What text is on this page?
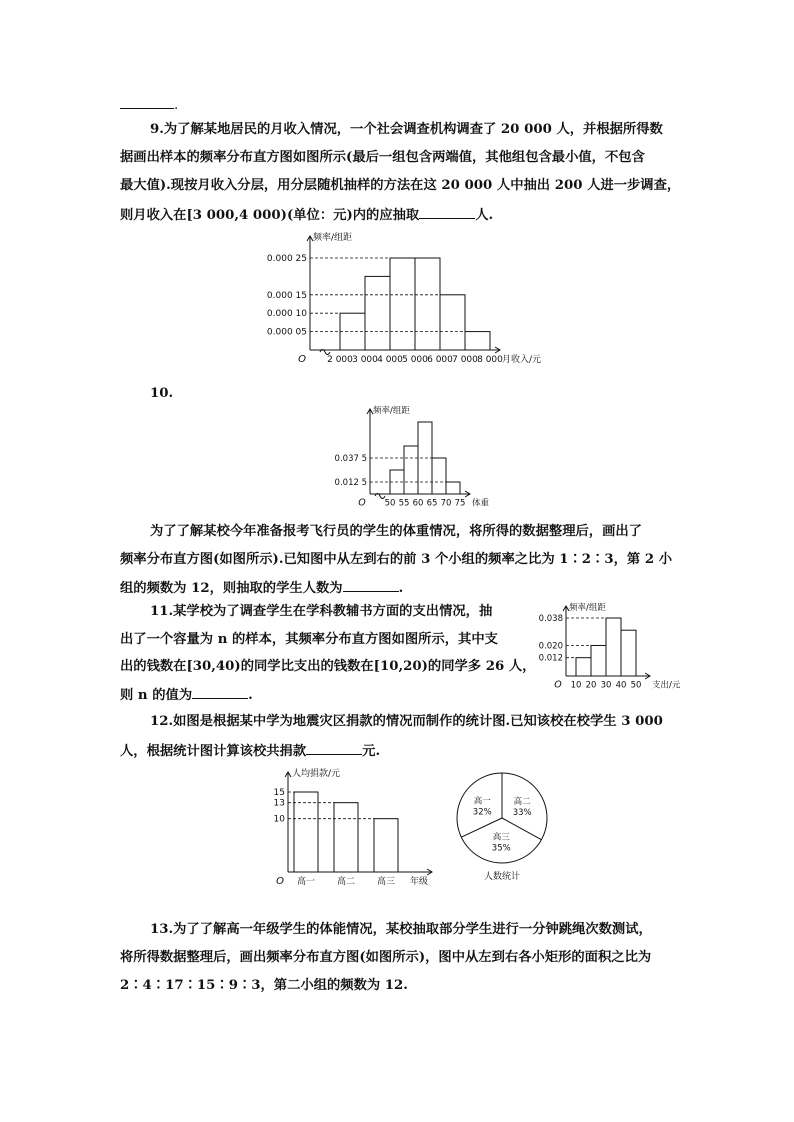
.
9.为了解某地居民的月收入情况，一个社会调查机构调查了 20 000 人，并根据所得数
据画出样本的频率分布直方图如图所示(最后一组包含两端值，其他组包含最小值，不包含
最大值).现按月收入分层，用分层随机抽样的方法在这 20 000 人中抽出 200 人进一步调查，
则月收入在[3 000,4 000)(单位：元)内的应抽取	人.
0.000 05
0.000 10
0.000 15
0.000 25
2 000 3 000 4 000 5 000 6 000 7 000 8 000
O
频率/组距
月收入/元
10.
0.037 5
0.012 5
50 55 60 65 70 75
O
频率/组距
体重
为了了解某校今年准备报考飞行员的学生的体重情况，将所得的数据整理后，画出了
频率分布直方图(如图所示).已知图中从左到右的前 3 个小组的频率之比为 1∶2∶3，第 2 小
组的频数为 12，则抽取的学生人数为	.
11.某学校为了调查学生在学科教辅书方面的支出情况，抽
出了一个容量为 n 的样本，其频率分布直方图如图所示，其中支
出的钱数在[30,40)的同学比支出的钱数在[10,20)的同学多 26 人，
则 n 的值为	.
0.038
0.020
0.012
10 20 30 40 50
O
频率/组距
支出/元
12.如图是根据某中学为地震灾区捐款的情况而制作的统计图.已知该校在校学生 3 000
人，根据统计图计算该校共捐款	元.
高一 高二 高三
15
13
10
O
人均捐款/元
年级
高二
33%
高三
35%
高一
32%
人数统计
13.为了了解高一年级学生的体能情况，某校抽取部分学生进行一分钟跳绳次数测试，
将所得数据整理后，画出频率分布直方图(如图所示)，图中从左到右各小矩形的面积之比为
2∶4∶17∶15∶9∶3，第二小组的频数为 12.
